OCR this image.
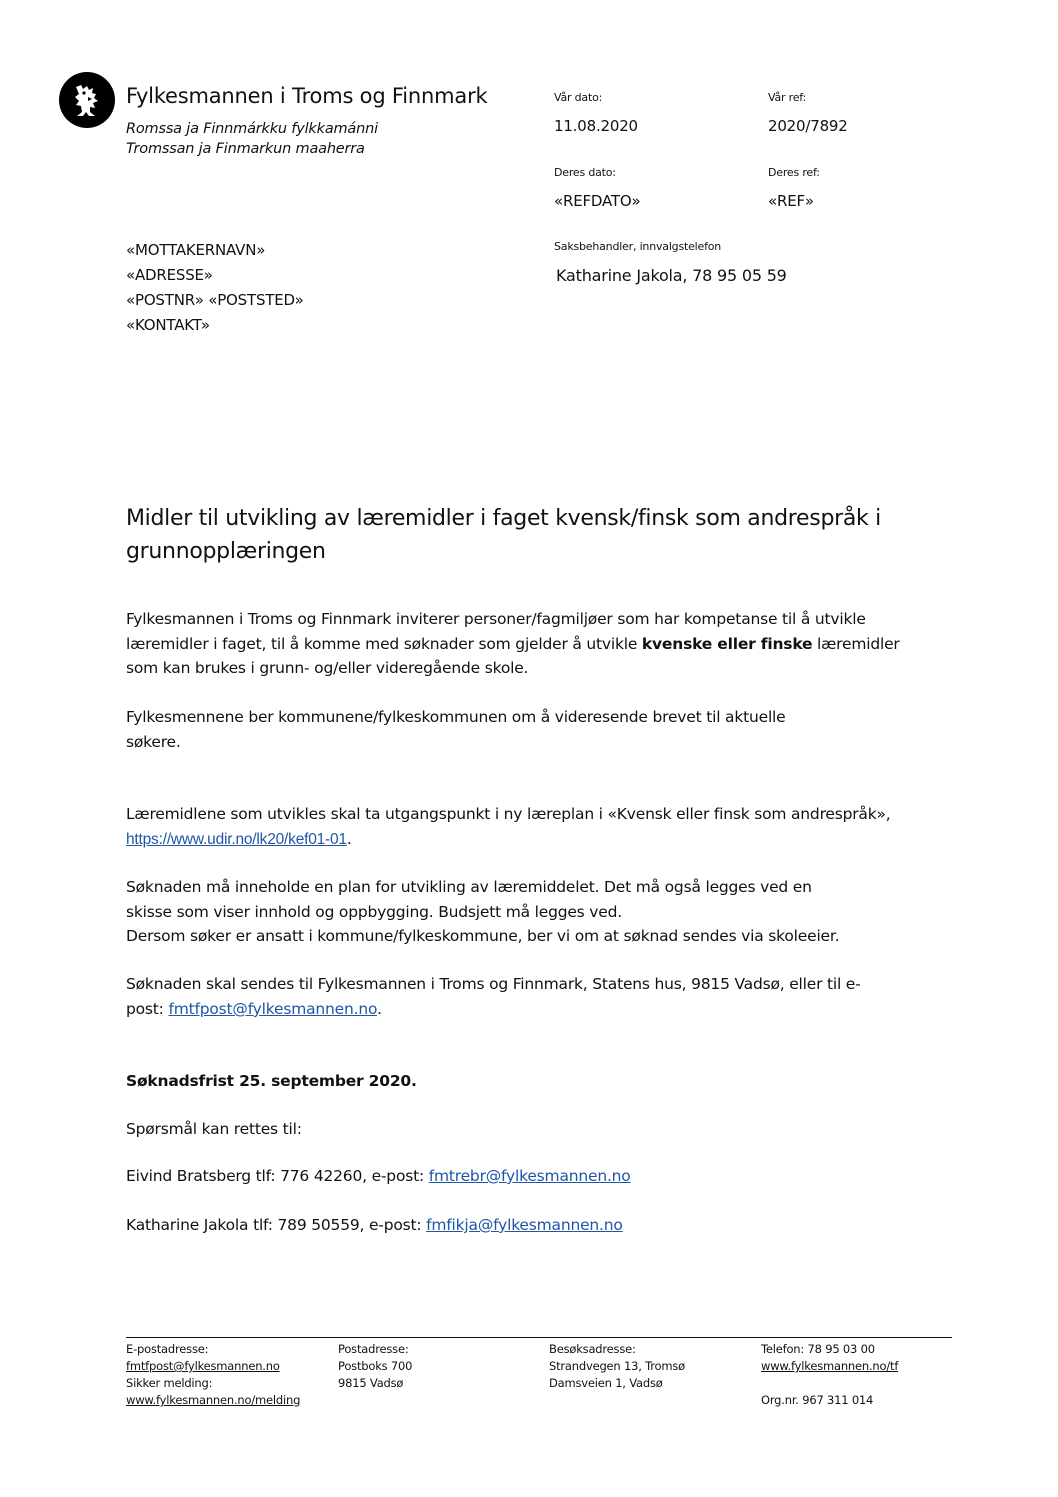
Fylkesmannen i Troms og Finnmark
Romssa ja Finnmárkku fylkkamánni
Tromssan ja Finmarkun maaherra
Vår dato:
11.08.2020
Vår ref:
2020/7892
Deres dato:
«REFDATO»
Deres ref:
«REF»
Saksbehandler, innvalgstelefon
Katharine Jakola, 78 95 05 59
«MOTTAKERNAVN»
«ADRESSE»
«POSTNR» «POSTSTED»
«KONTAKT»
Midler til utvikling av læremidler i faget kvensk/finsk som andrespråk i grunnopplæringen
Fylkesmannen i Troms og Finnmark inviterer personer/fagmiljøer som har kompetanse til å utvikle
læremidler i faget, til å komme med søknader som gjelder å utvikle kvenske eller finske læremidler
som kan brukes i grunn- og/eller videregående skole.
Fylkesmennene ber kommunene/fylkeskommunen om å videresende brevet til aktuelle
søkere.
Læremidlene som utvikles skal ta utgangspunkt i ny læreplan i «Kvensk eller finsk som andrespråk»,
https://www.udir.no/lk20/kef01-01.
Søknaden må inneholde en plan for utvikling av læremiddelet. Det må også legges ved en
skisse som viser innhold og oppbygging. Budsjett må legges ved.
Dersom søker er ansatt i kommune/fylkeskommune, ber vi om at søknad sendes via skoleeier.
Søknaden skal sendes til Fylkesmannen i Troms og Finnmark, Statens hus, 9815 Vadsø, eller til e-
post: fmtfpost@fylkesmannen.no.
Søknadsfrist 25. september 2020.
Spørsmål kan rettes til:
Eivind Bratsberg tlf: 776 42260, e-post: fmtrebr@fylkesmannen.no
Katharine Jakola tlf: 789 50559, e-post: fmfikja@fylkesmannen.no
E-postadresse:
fmtfpost@fylkesmannen.no
Sikker melding:
www.fylkesmannen.no/melding
Postadresse:
Postboks 700
9815 Vadsø
Besøksadresse:
Strandvegen 13, Tromsø
Damsveien 1, Vadsø
Telefon: 78 95 03 00
www.fylkesmannen.no/tf
Org.nr. 967 311 014
